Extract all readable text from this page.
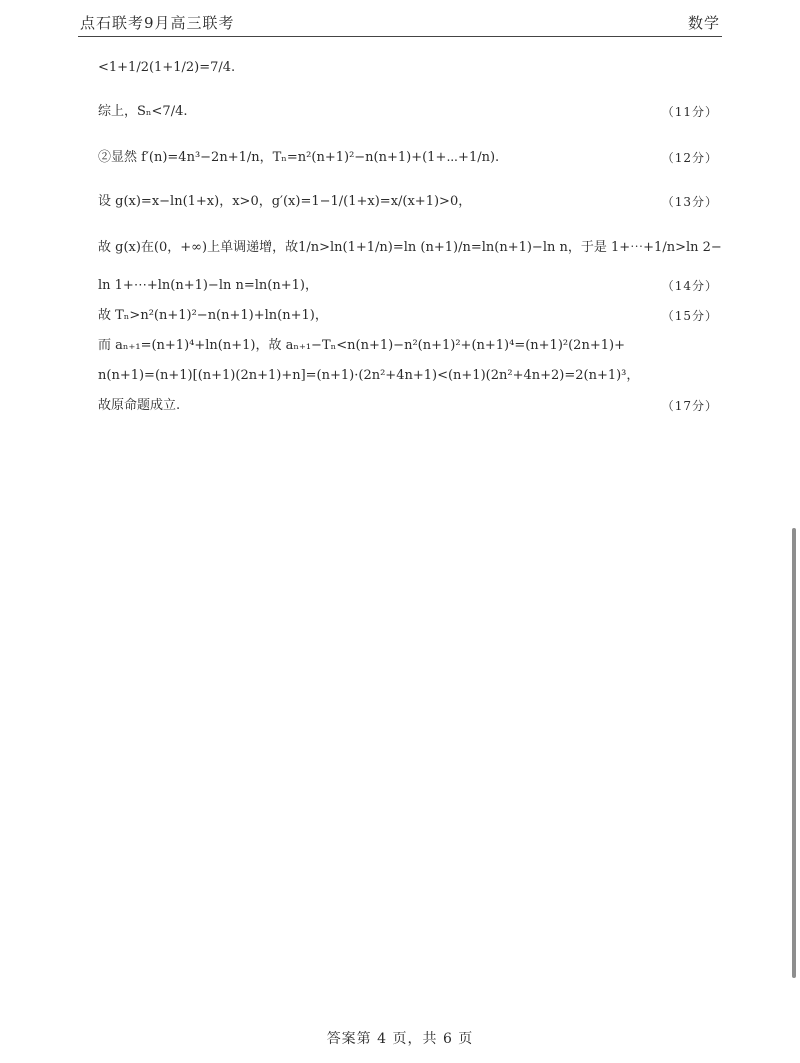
点石联考9月高三联考	数学
<1+1/2(1+1/2)=7/4.
综上，Sₙ<7/4.	（11分）
②显然 f′(n)=4n³−2n+1/n，Tₙ=n²(n+1)²−n(n+1)+(1+⋯+1/n).	（12分）
设 g(x)=x−ln(1+x)，x>0，g′(x)=1−1/(1+x)=x/(x+1)>0，	（13分）
故 g(x)在(0，+∞)上单调递增，故1/n>ln(1+1/n)=ln (n+1)/n=ln(n+1)−ln n，于是 1+⋯+1/n>ln 2−
ln 1+⋯+ln(n+1)−ln n=ln(n+1)，	（14分）
故 Tₙ>n²(n+1)²−n(n+1)+ln(n+1)，	（15分）
而 aₙ₊₁=(n+1)⁴+ln(n+1)，故 aₙ₊₁−Tₙ<n(n+1)−n²(n+1)²+(n+1)⁴=(n+1)²(2n+1)+
n(n+1)=(n+1)[(n+1)(2n+1)+n]=(n+1)·(2n²+4n+1)<(n+1)(2n²+4n+2)=2(n+1)³，
故原命题成立.	（17分）
答案第 4 页，共 6 页
